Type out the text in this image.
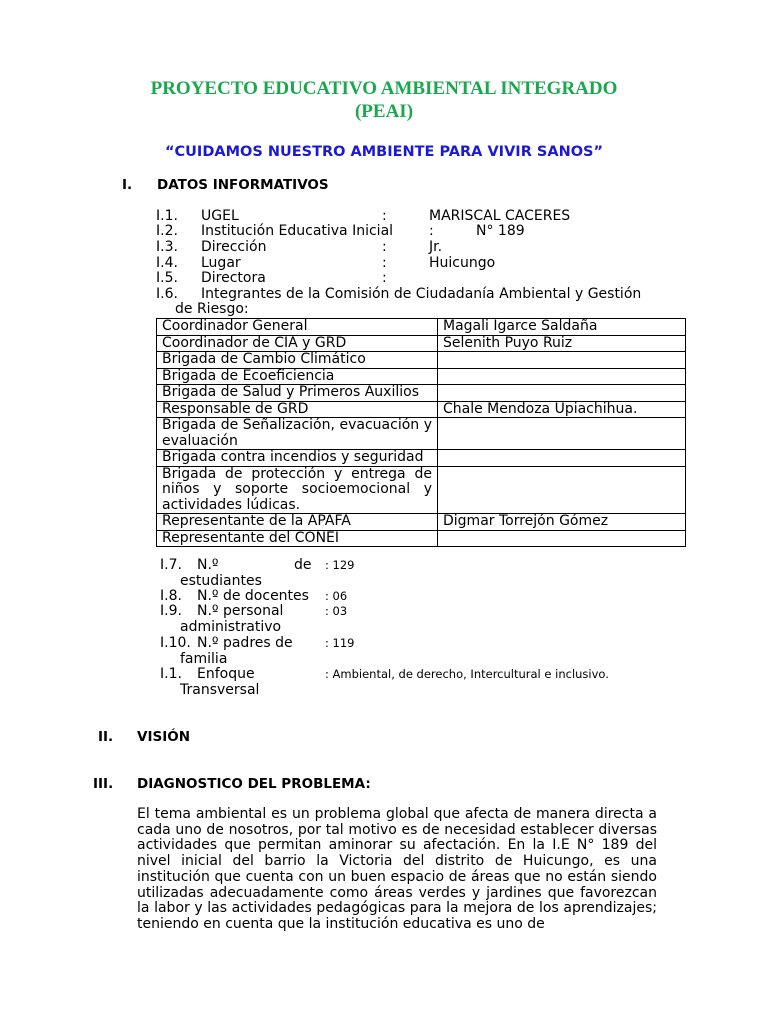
PROYECTO EDUCATIVO AMBIENTAL INTEGRADO
(PEAI)
“CUIDAMOS NUESTRO AMBIENTE PARA VIVIR SANOS”
I. DATOS INFORMATIVOS
I.1. UGEL	:	MARISCAL CACERES
I.2. Institución Educativa Inicial	:	N° 189
I.3. Dirección	:	Jr.
I.4. Lugar	:	Huicungo
I.5. Directora	:
I.6. Integrantes de la Comisión de Ciudadanía Ambiental y Gestión
de Riesgo:
Coordinador General	Magali Igarce Saldaña
Coordinador de CIA y GRD	Selenith Puyo Ruiz
Brigada de Cambio Climático	
Brigada de Ecoeficiencia	
Brigada de Salud y Primeros Auxilios	
Responsable de GRD	Chale Mendoza Upiachihua.
Brigada de Señalización, evacuación y evaluación	
Brigada contra incendios y seguridad	
Brigada de protección y entrega de niños y soporte socioemocional y actividades lúdicas.	
Representante de la APAFA	Digmar Torrejón Gómez
Representante del CONEI	
I.7. N.º	de
estudiantes
: 129
I.8. N.º de docentes : 06
I.9. N.º personal
administrativo
: 03
I.10. N.º padres de
familia
: 119
I.1. Enfoque
Transversal
: Ambiental, de derecho, Intercultural e inclusivo.
II. VISIÓN
III. DIAGNOSTICO DEL PROBLEMA:
El tema ambiental es un problema global que afecta de manera directa a cada uno de nosotros, por tal motivo es de necesidad establecer diversas actividades que permitan aminorar su afectación. En la I.E N° 189 del nivel inicial del barrio la Victoria del distrito de Huicungo, es una institución que cuenta con un buen espacio de áreas que no están siendo utilizadas adecuadamente como áreas verdes y jardines que favorezcan la labor y las actividades pedagógicas para la mejora de los aprendizajes; teniendo en cuenta que la institución educativa es uno de
